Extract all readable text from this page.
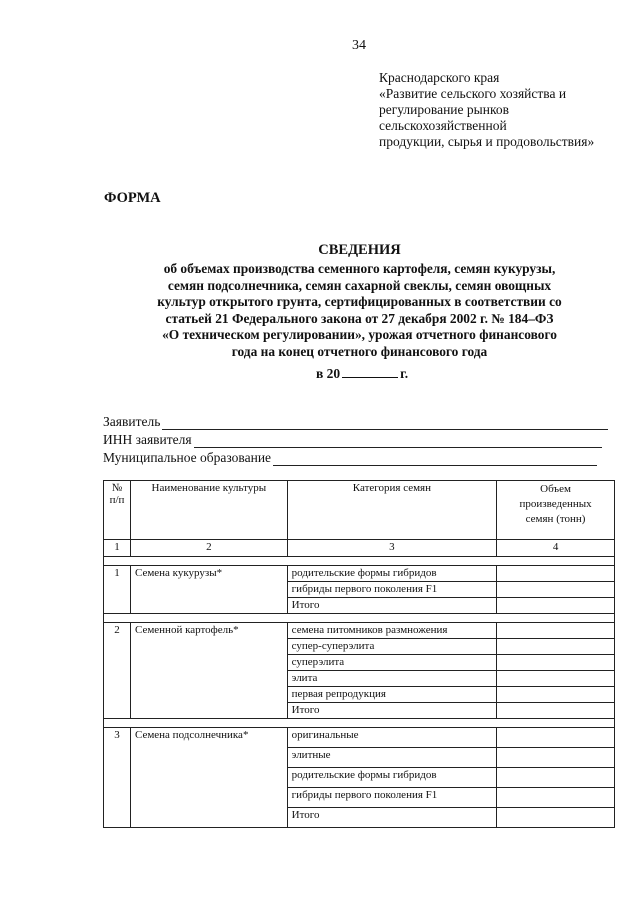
34
Краснодарского края
«Развитие сельского хозяйства и
регулирование рынков
сельскохозяйственной
продукции, сырья и продовольствия»
ФОРМА
СВЕДЕНИЯ
об объемах производства семенного картофеля, семян кукурузы,
семян подсолнечника, семян сахарной свеклы, семян овощных
культур открытого грунта, сертифицированных в соответствии со
статьей 21 Федерального закона от 27 декабря 2002 г. № 184–ФЗ
«О техническом регулировании», урожая отчетного финансового
года на конец отчетного финансового года
в 20	г.
Заявитель
ИНН заявителя
Муниципальное образование
№ п/п	Наименование культуры	Категория семян	Объем
произведенных
семян (тонн)

1	2	3	4

1	Семена кукурузы*	родительские формы гибридов	
		гибриды первого поколения F1	
		Итого	

2	Семенной картофель*	семена питомников размножения	
		супер-суперэлита	
		суперэлита	
		элита	
		первая репродукция	
		Итого	

3	Семена подсолнечника*	оригинальные	
		элитные	
		родительские формы гибридов	
		гибриды первого поколения F1	
		Итого	
